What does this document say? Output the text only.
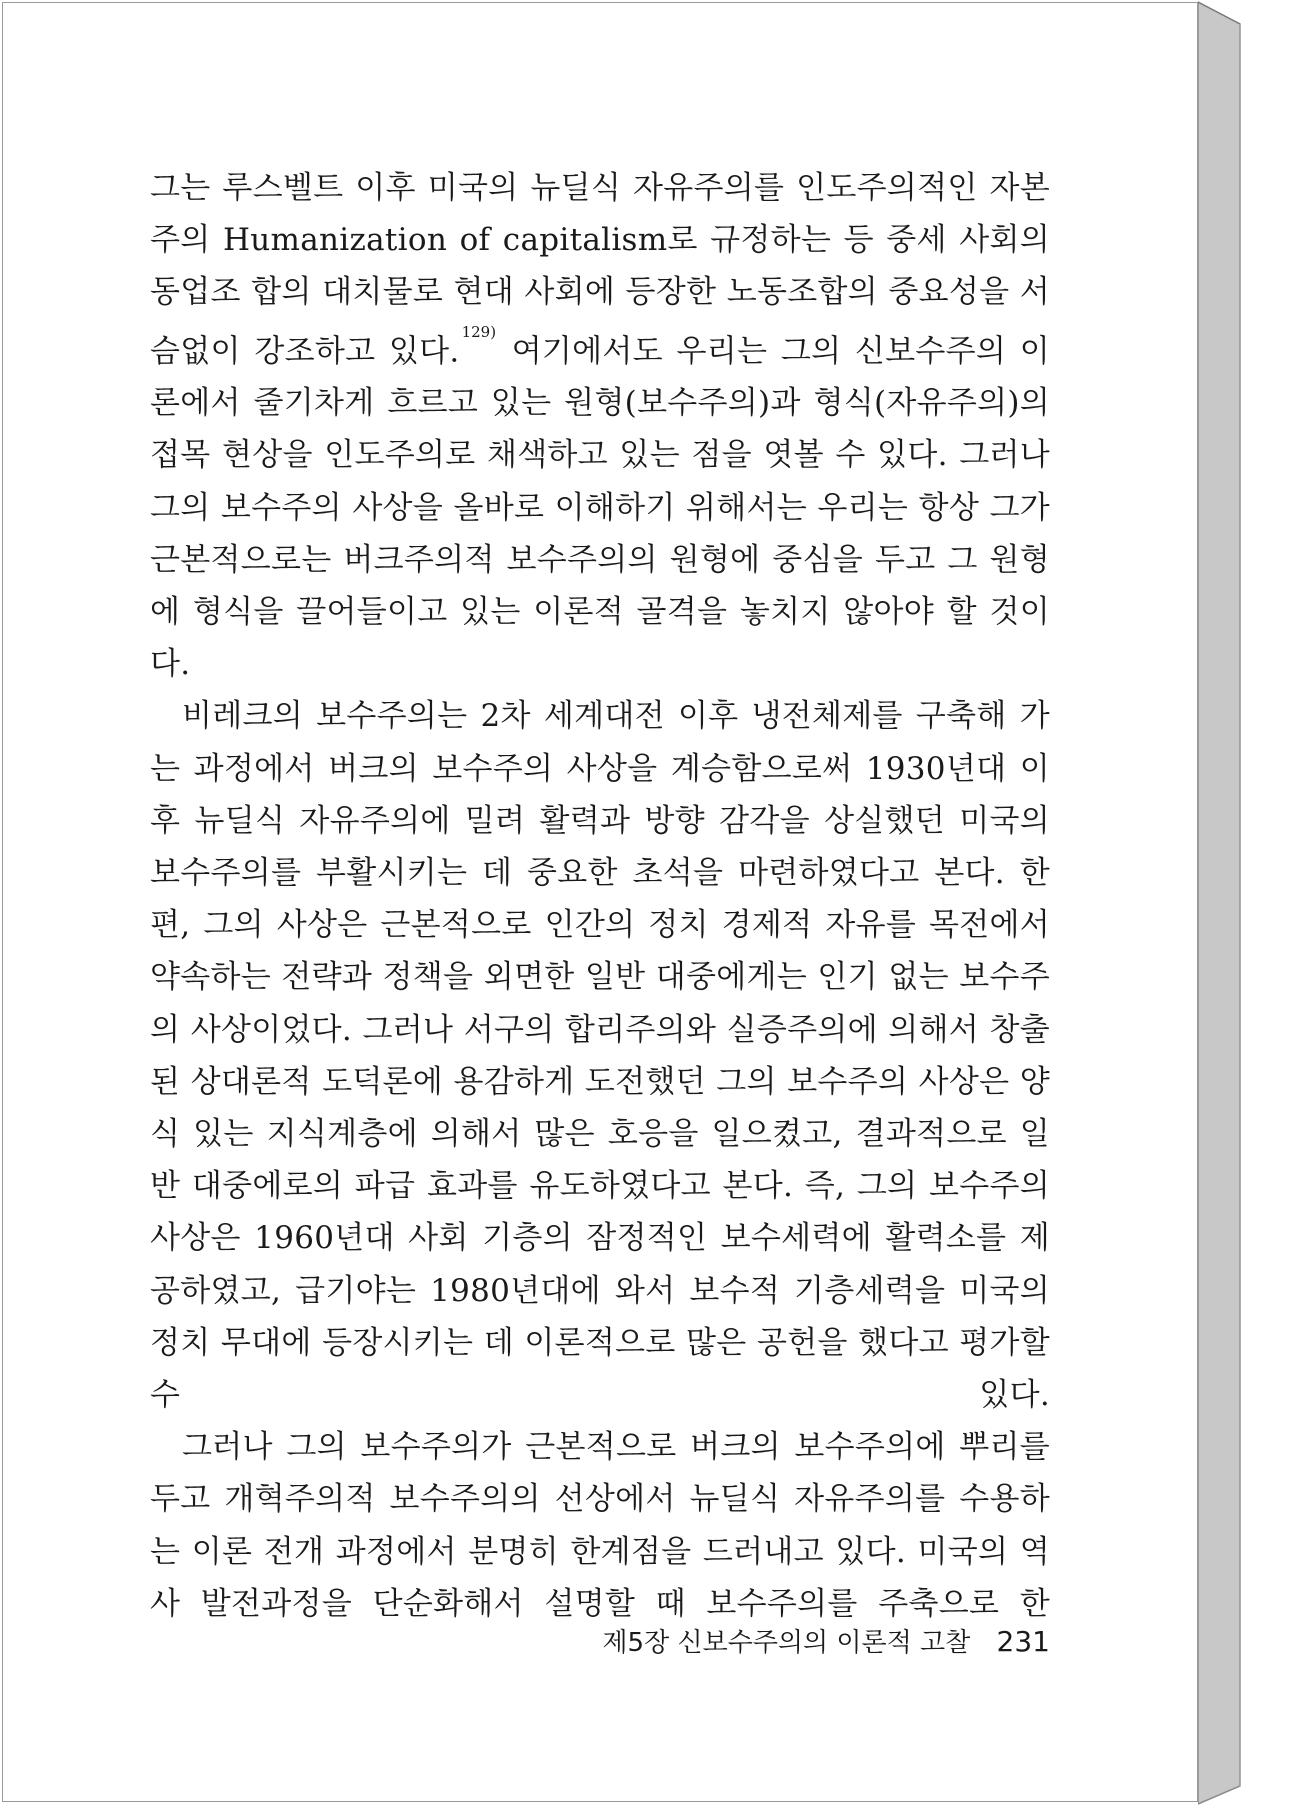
그는 루스벨트 이후 미국의 뉴딜식 자유주의를 인도주의적인 자본 주의 Humanization of capitalism로 규정하는 등 중세 사회의 동업조 합의 대치물로 현대 사회에 등장한 노동조합의 중요성을 서슴없이 강조하고 있다.$^{129)}$ 여기에서도 우리는 그의 신보수주의 이론에서 줄기차게 흐르고 있는 원형(보수주의)과 형식(자유주의)의 접목 현상을 인도주의로 채색하고 있는 점을 엿볼 수 있다. 그러나 그의 보수주의 사상을 올바로 이해하기 위해서는 우리는 항상 그가 근본적으로는 버크주의적 보수주의의 원형에 중심을 두고 그 원형에 형식을 끌어들이고 있는 이론적 골격을 놓치지 않아야 할 것이다.

비레크의 보수주의는 2차 세계대전 이후 냉전체제를 구축해 가는 과정에서 버크의 보수주의 사상을 계승함으로써 1930년대 이후 뉴딜식 자유주의에 밀려 활력과 방향 감각을 상실했던 미국의 보수주의를 부활시키는 데 중요한 초석을 마련하였다고 본다. 한편, 그의 사상은 근본적으로 인간의 정치 경제적 자유를 목전에서 약속하는 전략과 정책을 외면한 일반 대중에게는 인기 없는 보수주의 사상이었다. 그러나 서구의 합리주의와 실증주의에 의해서 창출된 상대론적 도덕론에 용감하게 도전했던 그의 보수주의 사상은 양식 있는 지식계층에 의해서 많은 호응을 일으켰고, 결과적으로 일반 대중에로의 파급 효과를 유도하였다고 본다. 즉, 그의 보수주의 사상은 1960년대 사회 기층의 잠정적인 보수세력에 활력소를 제공하였고, 급기야는 1980년대에 와서 보수적 기층세력을 미국의 정치 무대에 등장시키는 데 이론적으로 많은 공헌을 했다고 평가할 수 있다.

그러나 그의 보수주의가 근본적으로 버크의 보수주의에 뿌리를 두고 개혁주의적 보수주의의 선상에서 뉴딜식 자유주의를 수용하는 이론 전개 과정에서 분명히 한계점을 드러내고 있다. 미국의 역사 발전과정을 단순화해서 설명할 때 보수주의를 주축으로 한

제5장 신보수주의의 이론적 고찰 231
